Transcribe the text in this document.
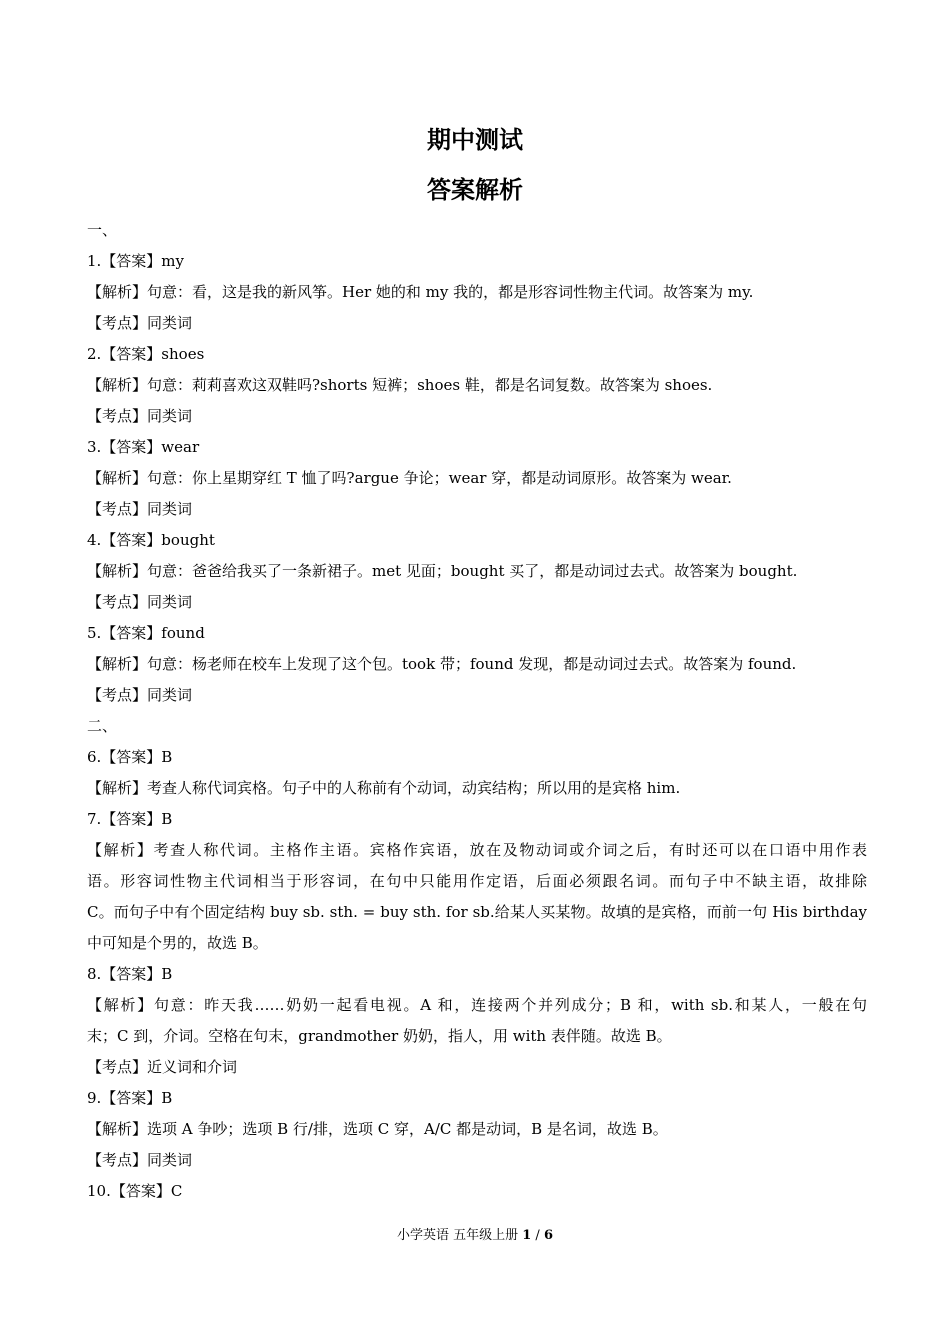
期中测试
答案解析
一、
1.【答案】my
【解析】句意：看，这是我的新风筝。Her 她的和 my 我的，都是形容词性物主代词。故答案为 my.
【考点】同类词
2.【答案】shoes
【解析】句意：莉莉喜欢这双鞋吗?shorts 短裤；shoes 鞋，都是名词复数。故答案为 shoes.
【考点】同类词
3.【答案】wear
【解析】句意：你上星期穿红 T 恤了吗?argue 争论；wear 穿，都是动词原形。故答案为 wear.
【考点】同类词
4.【答案】bought
【解析】句意：爸爸给我买了一条新裙子。met 见面；bought 买了，都是动词过去式。故答案为 bought.
【考点】同类词
5.【答案】found
【解析】句意：杨老师在校车上发现了这个包。took 带；found 发现，都是动词过去式。故答案为 found.
【考点】同类词
二、
6.【答案】B
【解析】考查人称代词宾格。句子中的人称前有个动词，动宾结构；所以用的是宾格 him.
7.【答案】B
【解析】考查人称代词。主格作主语。宾格作宾语，放在及物动词或介词之后，有时还可以在口语中用作表
语。形容词性物主代词相当于形容词，在句中只能用作定语，后面必须跟名词。而句子中不缺主语，故排除
C。而句子中有个固定结构 buy sb. sth. = buy sth. for sb.给某人买某物。故填的是宾格，而前一句 His birthday
中可知是个男的，故选 B。
8.【答案】B
【解析】句意：昨天我……奶奶一起看电视。A 和，连接两个并列成分；B 和，with sb.和某人，一般在句
末；C 到，介词。空格在句末，grandmother 奶奶，指人，用 with 表伴随。故选 B。
【考点】近义词和介词
9.【答案】B
【解析】选项 A 争吵；选项 B 行/排，选项 C 穿，A/C 都是动词，B 是名词，故选 B。
【考点】同类词
10.【答案】C
小学英语 五年级上册 1 / 6
